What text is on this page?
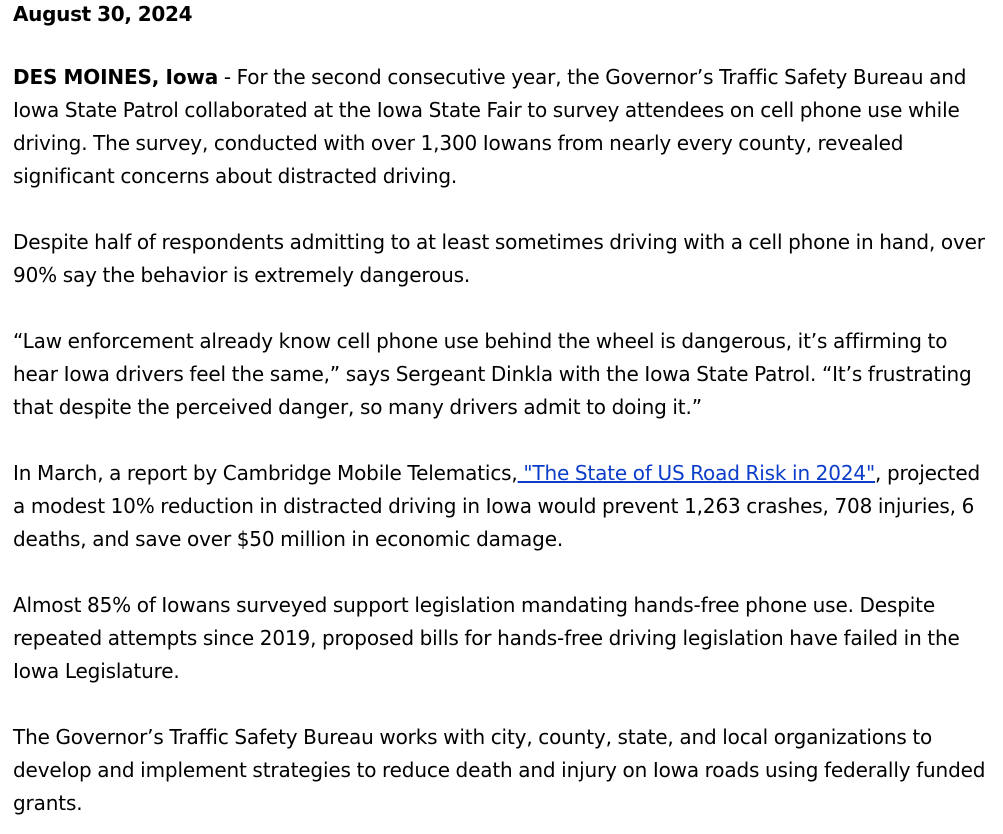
August 30, 2024

DES MOINES, Iowa - For the second consecutive year, the Governor’s Traffic Safety Bureau and Iowa State Patrol collaborated at the Iowa State Fair to survey attendees on cell phone use while driving. The survey, conducted with over 1,300 Iowans from nearly every county, revealed significant concerns about distracted driving.

Despite half of respondents admitting to at least sometimes driving with a cell phone in hand, over 90% say the behavior is extremely dangerous.

“Law enforcement already know cell phone use behind the wheel is dangerous, it’s affirming to hear Iowa drivers feel the same,” says Sergeant Dinkla with the Iowa State Patrol. “It’s frustrating that despite the perceived danger, so many drivers admit to doing it.”

In March, a report by Cambridge Mobile Telematics, "The State of US Road Risk in 2024", projected a modest 10% reduction in distracted driving in Iowa would prevent 1,263 crashes, 708 injuries, 6 deaths, and save over $50 million in economic damage.

Almost 85% of Iowans surveyed support legislation mandating hands-free phone use. Despite repeated attempts since 2019, proposed bills for hands-free driving legislation have failed in the Iowa Legislature.

The Governor’s Traffic Safety Bureau works with city, county, state, and local organizations to develop and implement strategies to reduce death and injury on Iowa roads using federally funded grants.
